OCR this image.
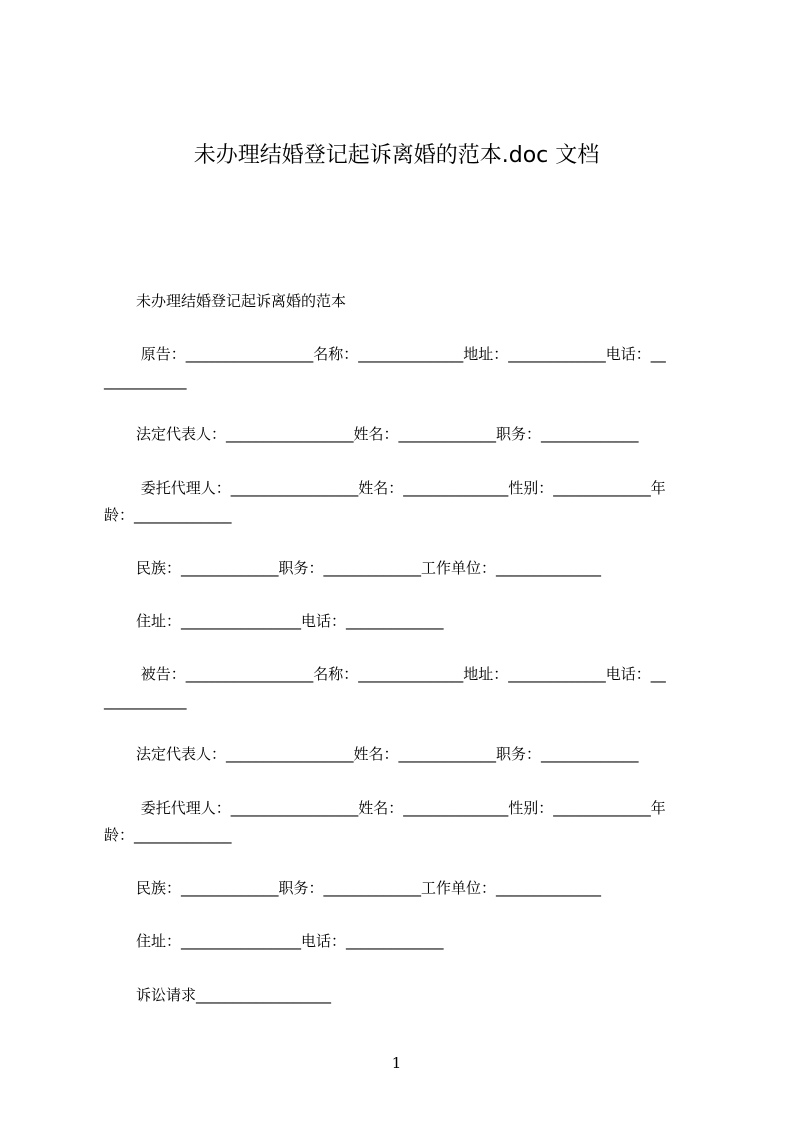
未办理结婚登记起诉离婚的范本.doc 文档
未办理结婚登记起诉离婚的范本
原告：_________________名称：______________地址：_____________电话：__
___________
法定代表人：_________________姓名：_____________职务：_____________
委托代理人：_________________姓名：______________性别：_____________年
龄：_____________
民族：_____________职务：_____________工作单位：______________
住址：________________电话：_____________
被告：_________________名称：______________地址：_____________电话：__
___________
法定代表人：_________________姓名：_____________职务：_____________
委托代理人：_________________姓名：______________性别：_____________年
龄：_____________
民族：_____________职务：_____________工作单位：______________
住址：________________电话：_____________
诉讼请求__________________
1
